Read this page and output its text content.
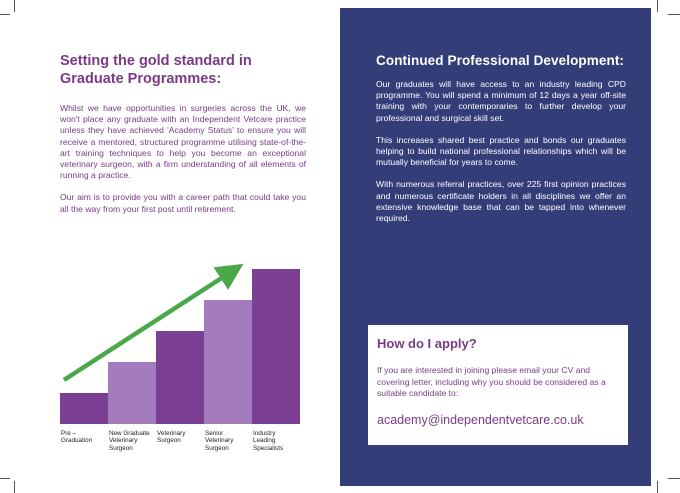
Setting the gold standard in Graduate Programmes:

Whilst we have opportunities in surgeries across the UK, we won't place any graduate with an Independent Vetcare practice unless they have achieved 'Academy Status' to ensure you will receive a mentored, structured programme utilising state-of-the-art training techniques to help you become an exceptional veterinary surgeon, with a firm understanding of all elements of running a practice.

Our aim is to provide you with a career path that could take you all the way from your first post until retirement.

Pre – Graduation
New Graduate Veterinary Surgeon
Veterinary Surgeon
Senior Veterinary Surgeon
Industry Leading Specialists
Continued Professional Development:

Our graduates will have access to an industry leading CPD programme. You will spend a minimum of 12 days a year off-site training with your contemporaries to further develop your professional and surgical skill set.

This increases shared best practice and bonds our graduates helping to build national professional relationships which will be mutually beneficial for years to come.

With numerous referral practices, over 225 first opinion practices and numerous certificate holders in all disciplines we offer an extensive knowledge base that can be tapped into whenever required.

How do I apply?

If you are interested in joining please email your CV and covering letter, including why you should be considered as a suitable candidate to:

academy@independentvetcare.co.uk
